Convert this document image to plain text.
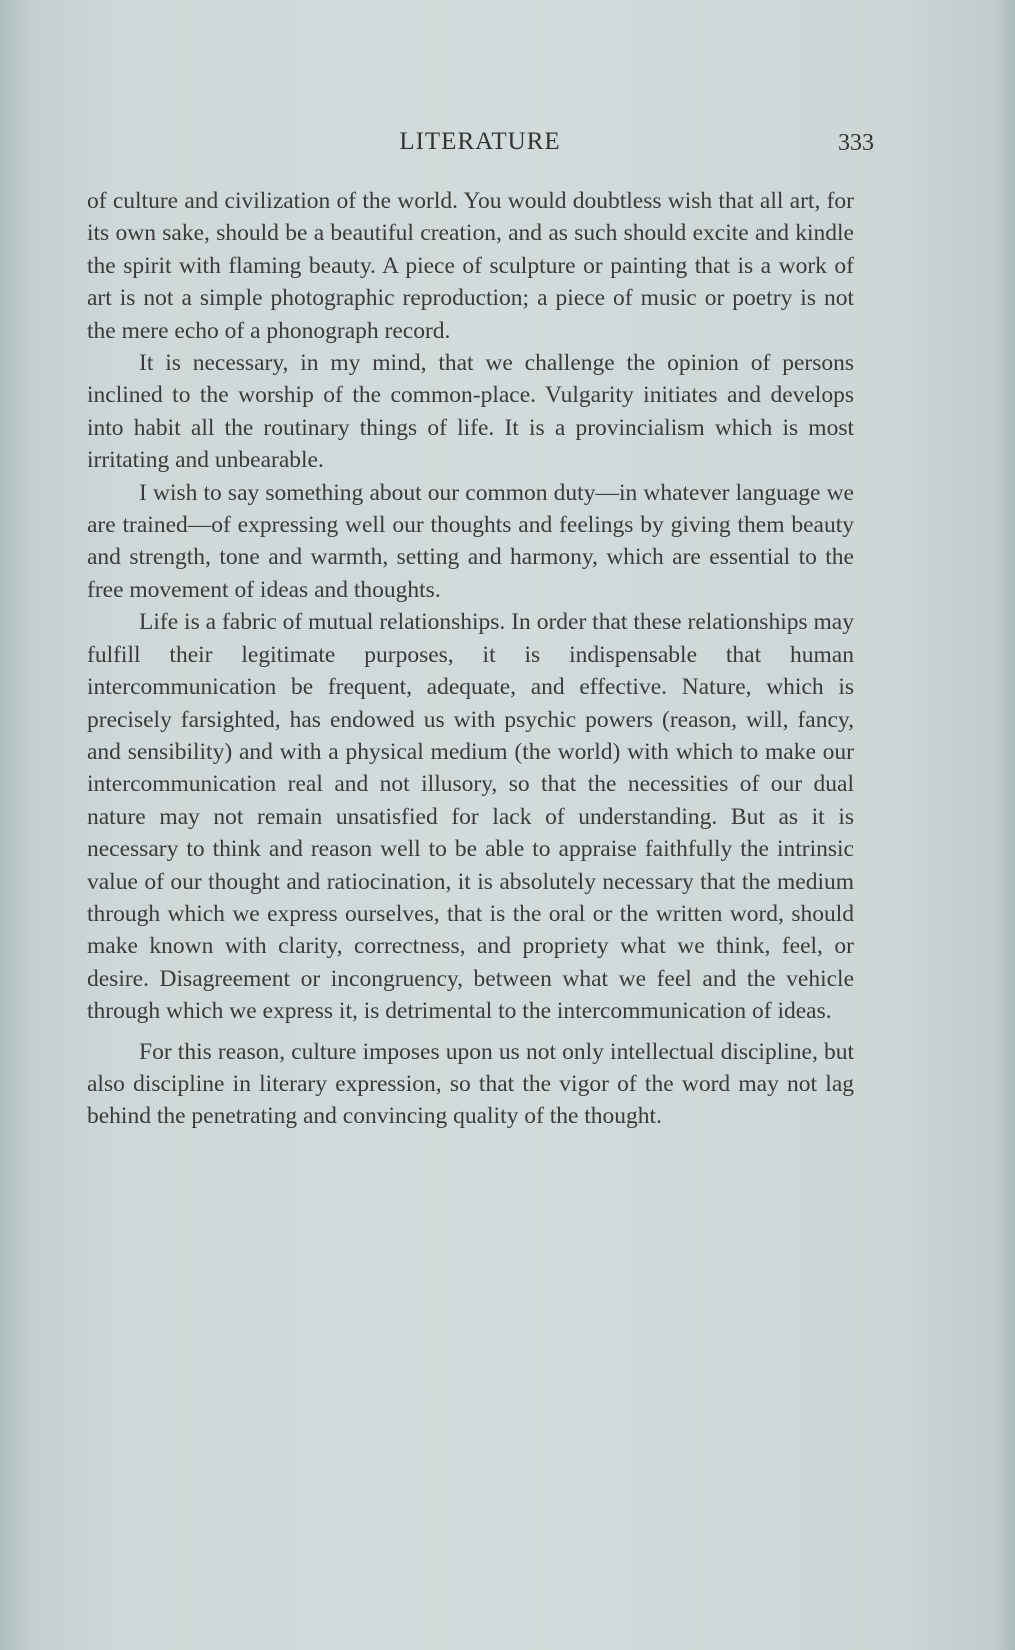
LITERATURE	333

of culture and civilization of the world. You would doubtless wish that all art, for its own sake, should be a beautiful creation, and as such should excite and kindle the spirit with flaming beauty. A piece of sculpture or painting that is a work of art is not a simple photographic reproduction; a piece of music or poetry is not the mere echo of a phonograph record.

It is necessary, in my mind, that we challenge the opinion of persons inclined to the worship of the common-place. Vulgarity initiates and develops into habit all the routinary things of life. It is a provincialism which is most irritating and unbearable.

I wish to say something about our common duty—in whatever language we are trained—of expressing well our thoughts and feelings by giving them beauty and strength, tone and warmth, setting and harmony, which are essential to the free movement of ideas and thoughts.

Life is a fabric of mutual relationships. In order that these relationships may fulfill their legitimate purposes, it is indispensable that human intercommunication be frequent, adequate, and effective. Nature, which is precisely farsighted, has endowed us with psychic powers (reason, will, fancy, and sensibility) and with a physical medium (the world) with which to make our intercommunication real and not illusory, so that the necessities of our dual nature may not remain unsatisfied for lack of understanding. But as it is necessary to think and reason well to be able to appraise faithfully the intrinsic value of our thought and ratiocination, it is absolutely necessary that the medium through which we express ourselves, that is the oral or the written word, should make known with clarity, correctness, and propriety what we think, feel, or desire. Disagreement or incongruency, between what we feel and the vehicle through which we express it, is detrimental to the intercommunication of ideas.

For this reason, culture imposes upon us not only intellectual discipline, but also discipline in literary expression, so that the vigor of the word may not lag behind the penetrating and convincing quality of the thought.
